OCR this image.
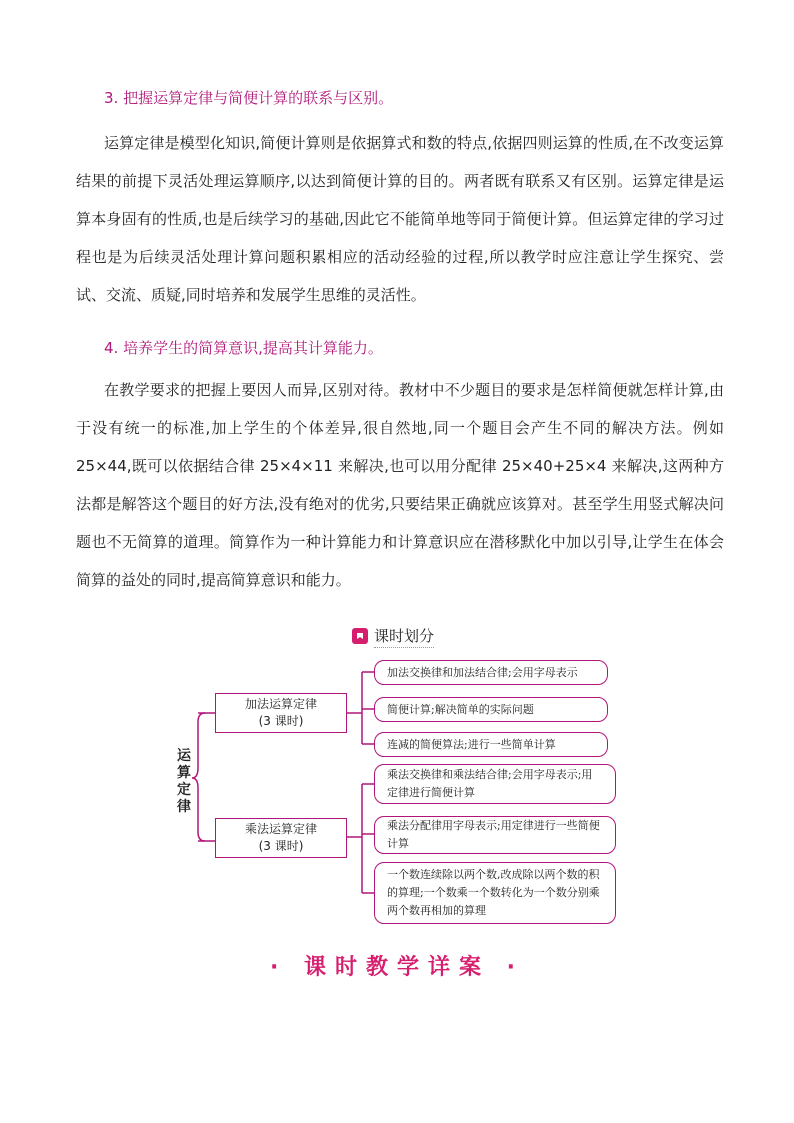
3. 把握运算定律与简便计算的联系与区别。
运算定律是模型化知识,简便计算则是依据算式和数的特点,依据四则运算的性质,在不改变运算结果的前提下灵活处理运算顺序,以达到简便计算的目的。两者既有联系又有区别。运算定律是运算本身固有的性质,也是后续学习的基础,因此它不能简单地等同于简便计算。但运算定律的学习过程也是为后续灵活处理计算问题积累相应的活动经验的过程,所以教学时应注意让学生探究、尝试、交流、质疑,同时培养和发展学生思维的灵活性。
4. 培养学生的简算意识,提高其计算能力。
在教学要求的把握上要因人而异,区别对待。教材中不少题目的要求是怎样简便就怎样计算,由于没有统一的标准,加上学生的个体差异,很自然地,同一个题目会产生不同的解决方法。例如 25×44,既可以依据结合律 25×4×11 来解决,也可以用分配律 25×40+25×4 来解决,这两种方法都是解答这个题目的好方法,没有绝对的优劣,只要结果正确就应该算对。甚至学生用竖式解决问题也不无简算的道理。简算作为一种计算能力和计算意识应在潜移默化中加以引导,让学生在体会简算的益处的同时,提高简算意识和能力。
课时划分
运算定律
加法运算定律
(3 课时)
乘法运算定律
(3 课时)
加法交换律和加法结合律;会用字母表示
简便计算;解决简单的实际问题
连减的简便算法;进行一些简单计算
乘法交换律和乘法结合律;会用字母表示;用定律进行简便计算
乘法分配律用字母表示;用定律进行一些简便计算
一个数连续除以两个数,改成除以两个数的积的算理;一个数乘一个数转化为一个数分别乘两个数再相加的算理
· 课时教学详案 ·
